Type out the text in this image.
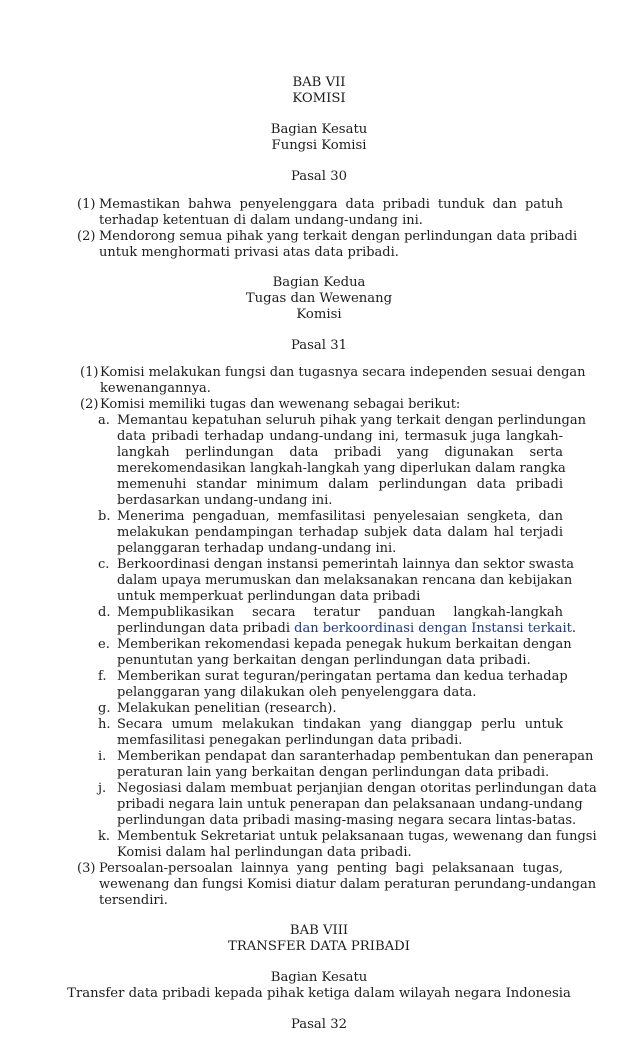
BAB VII
KOMISI
Bagian Kesatu
Fungsi Komisi
Pasal 30
(1) Memastikan bahwa penyelenggara data pribadi tunduk dan patuh
terhadap ketentuan di dalam undang-undang ini.
(2) Mendorong semua pihak yang terkait dengan perlindungan data pribadi
untuk menghormati privasi atas data pribadi.
Bagian Kedua
Tugas dan Wewenang
Komisi
Pasal 31
(1) Komisi melakukan fungsi dan tugasnya secara independen sesuai dengan
kewenangannya.
(2) Komisi memiliki tugas dan wewenang sebagai berikut:
a. Memantau kepatuhan seluruh pihak yang terkait dengan perlindungan
data pribadi terhadap undang-undang ini, termasuk juga langkah-
langkah perlindungan data pribadi yang digunakan serta
merekomendasikan langkah-langkah yang diperlukan dalam rangka
memenuhi standar minimum dalam perlindungan data pribadi
berdasarkan undang-undang ini.
b. Menerima pengaduan, memfasilitasi penyelesaian sengketa, dan
melakukan pendampingan terhadap subjek data dalam hal terjadi
pelanggaran terhadap undang-undang ini.
c. Berkoordinasi dengan instansi pemerintah lainnya dan sektor swasta
dalam upaya merumuskan dan melaksanakan rencana dan kebijakan
untuk memperkuat perlindungan data pribadi
d. Mempublikasikan secara teratur panduan langkah-langkah
perlindungan data pribadi dan berkoordinasi dengan Instansi terkait.
e. Memberikan rekomendasi kepada penegak hukum berkaitan dengan
penuntutan yang berkaitan dengan perlindungan data pribadi.
f. Memberikan surat teguran/peringatan pertama dan kedua terhadap
pelanggaran yang dilakukan oleh penyelenggara data.
g. Melakukan penelitian (research).
h. Secara umum melakukan tindakan yang dianggap perlu untuk
memfasilitasi penegakan perlindungan data pribadi.
i. Memberikan pendapat dan saranterhadap pembentukan dan penerapan
peraturan lain yang berkaitan dengan perlindungan data pribadi.
j. Negosiasi dalam membuat perjanjian dengan otoritas perlindungan data
pribadi negara lain untuk penerapan dan pelaksanaan undang-undang
perlindungan data pribadi masing-masing negara secara lintas-batas.
k. Membentuk Sekretariat untuk pelaksanaan tugas, wewenang dan fungsi
Komisi dalam hal perlindungan data pribadi.
(3) Persoalan-persoalan lainnya yang penting bagi pelaksanaan tugas,
wewenang dan fungsi Komisi diatur dalam peraturan perundang-undangan
tersendiri.
BAB VIII
TRANSFER DATA PRIBADI
Bagian Kesatu
Transfer data pribadi kepada pihak ketiga dalam wilayah negara Indonesia
Pasal 32
